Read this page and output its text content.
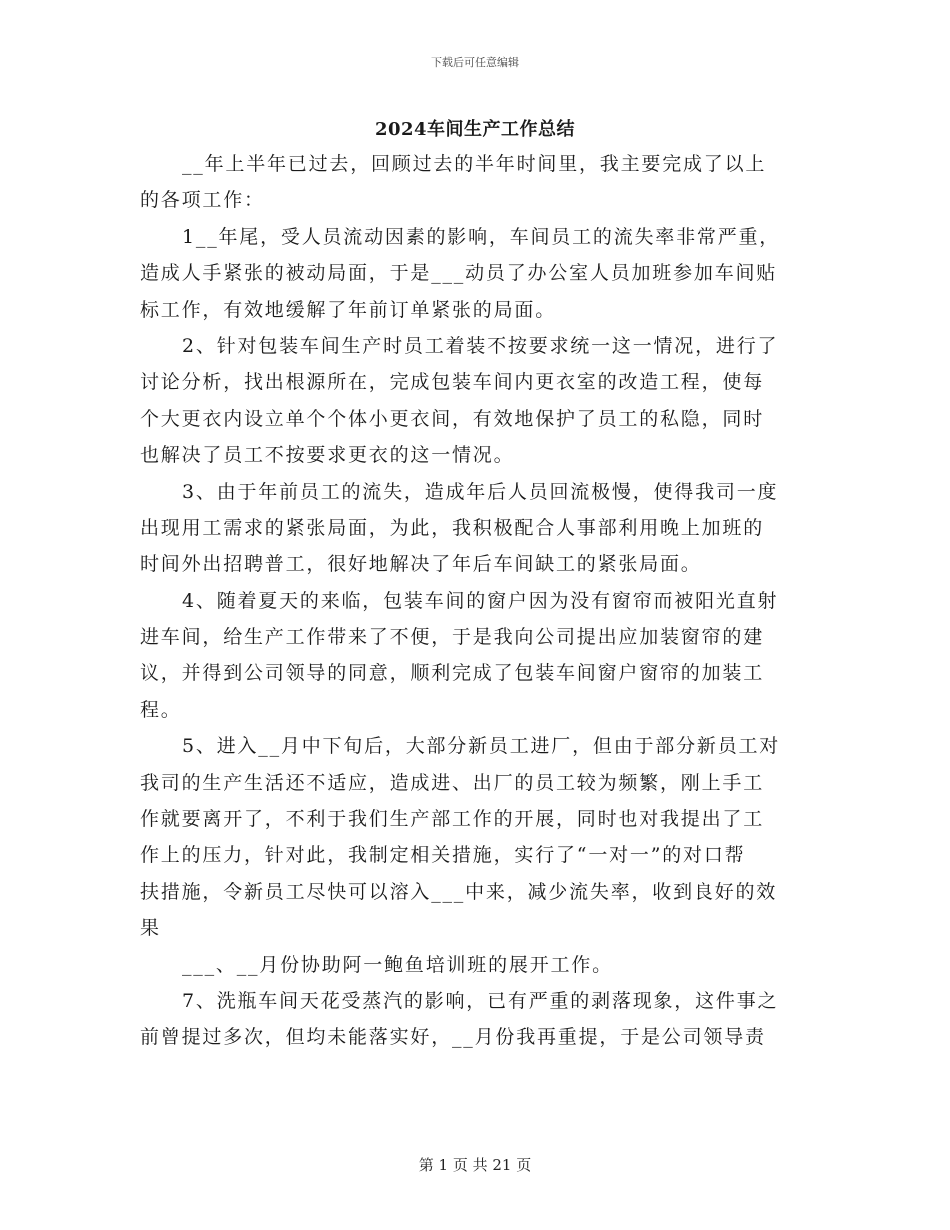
下载后可任意编辑
2024车间生产工作总结
__年上半年已过去，回顾过去的半年时间里，我主要完成了以上
的各项工作：
1__年尾，受人员流动因素的影响，车间员工的流失率非常严重，
造成人手紧张的被动局面，于是___动员了办公室人员加班参加车间贴
标工作，有效地缓解了年前订单紧张的局面。
2、针对包装车间生产时员工着装不按要求统一这一情况，进行了
讨论分析，找出根源所在，完成包装车间内更衣室的改造工程，使每
个大更衣内设立单个个体小更衣间，有效地保护了员工的私隐，同时
也解决了员工不按要求更衣的这一情况。
3、由于年前员工的流失，造成年后人员回流极慢，使得我司一度
出现用工需求的紧张局面，为此，我积极配合人事部利用晚上加班的
时间外出招聘普工，很好地解决了年后车间缺工的紧张局面。
4、随着夏天的来临，包装车间的窗户因为没有窗帘而被阳光直射
进车间，给生产工作带来了不便，于是我向公司提出应加装窗帘的建
议，并得到公司领导的同意，顺利完成了包装车间窗户窗帘的加装工
程。
5、进入__月中下旬后，大部分新员工进厂，但由于部分新员工对
我司的生产生活还不适应，造成进、出厂的员工较为频繁，刚上手工
作就要离开了，不利于我们生产部工作的开展，同时也对我提出了工
作上的压力，针对此，我制定相关措施，实行了“一对一”的对口帮
扶措施，令新员工尽快可以溶入___中来，减少流失率，收到良好的效
果
___、__月份协助阿一鲍鱼培训班的展开工作。
7、洗瓶车间天花受蒸汽的影响，已有严重的剥落现象，这件事之
前曾提过多次，但均未能落实好，__月份我再重提，于是公司领导责
第 1 页 共 21 页
